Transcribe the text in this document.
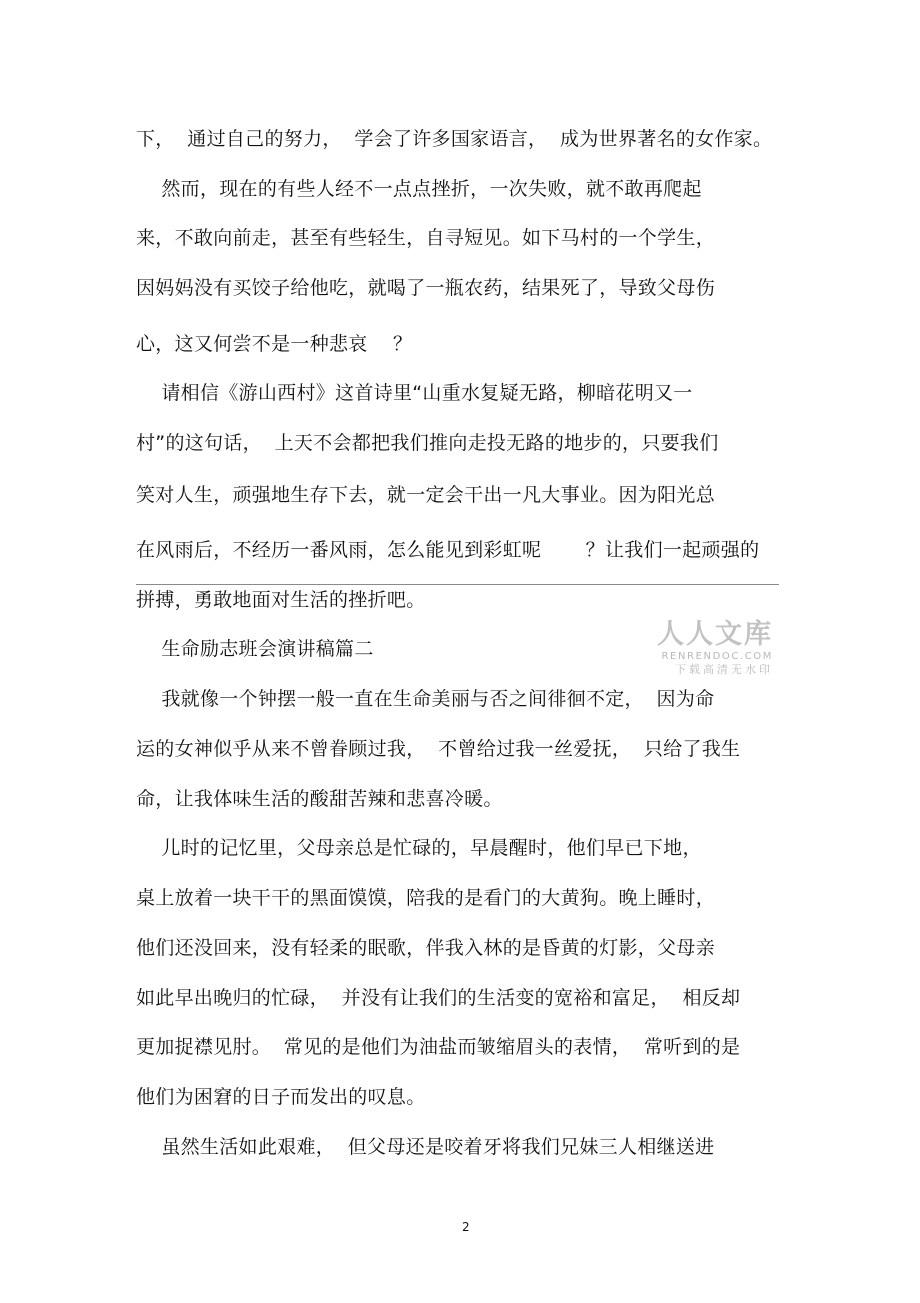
下，  通过自己的努力，  学会了许多国家语言，  成为世界著名的女作家。
然而，现在的有些人经不一点点挫折，一次失败，就不敢再爬起
来，不敢向前走，甚至有些轻生，自寻短见。如下马村的一个学生，
因妈妈没有买饺子给他吃，就喝了一瓶农药，结果死了，导致父母伤
心，这又何尝不是一种悲哀    ？
请相信《游山西村》这首诗里“山重水复疑无路，柳暗花明又一
村”的这句话，  上天不会都把我们推向走投无路的地步的，只要我们
笑对人生，顽强地生存下去，就一定会干出一凡大事业。因为阳光总
在风雨后，不经历一番风雨，怎么能见到彩虹呢       ？让我们一起顽强的
拼搏，勇敢地面对生活的挫折吧。
生命励志班会演讲稿篇二
我就像一个钟摆一般一直在生命美丽与否之间徘徊不定，  因为命
运的女神似乎从来不曾眷顾过我，  不曾给过我一丝爱抚，  只给了我生
命，让我体味生活的酸甜苦辣和悲喜冷暖。
儿时的记忆里，父母亲总是忙碌的，早晨醒时，他们早已下地，
桌上放着一块干干的黑面馍馍，陪我的是看门的大黄狗。晚上睡时，
他们还没回来，没有轻柔的眠歌，伴我入林的是昏黄的灯影，父母亲
如此早出晚归的忙碌，  并没有让我们的生活变的宽裕和富足，  相反却
更加捉襟见肘。  常见的是他们为油盐而皱缩眉头的表情，  常听到的是
他们为困窘的日子而发出的叹息。
虽然生活如此艰难，  但父母还是咬着牙将我们兄妹三人相继送进
人人文库
RENRENDOC.COM
下载高清无水印
2
